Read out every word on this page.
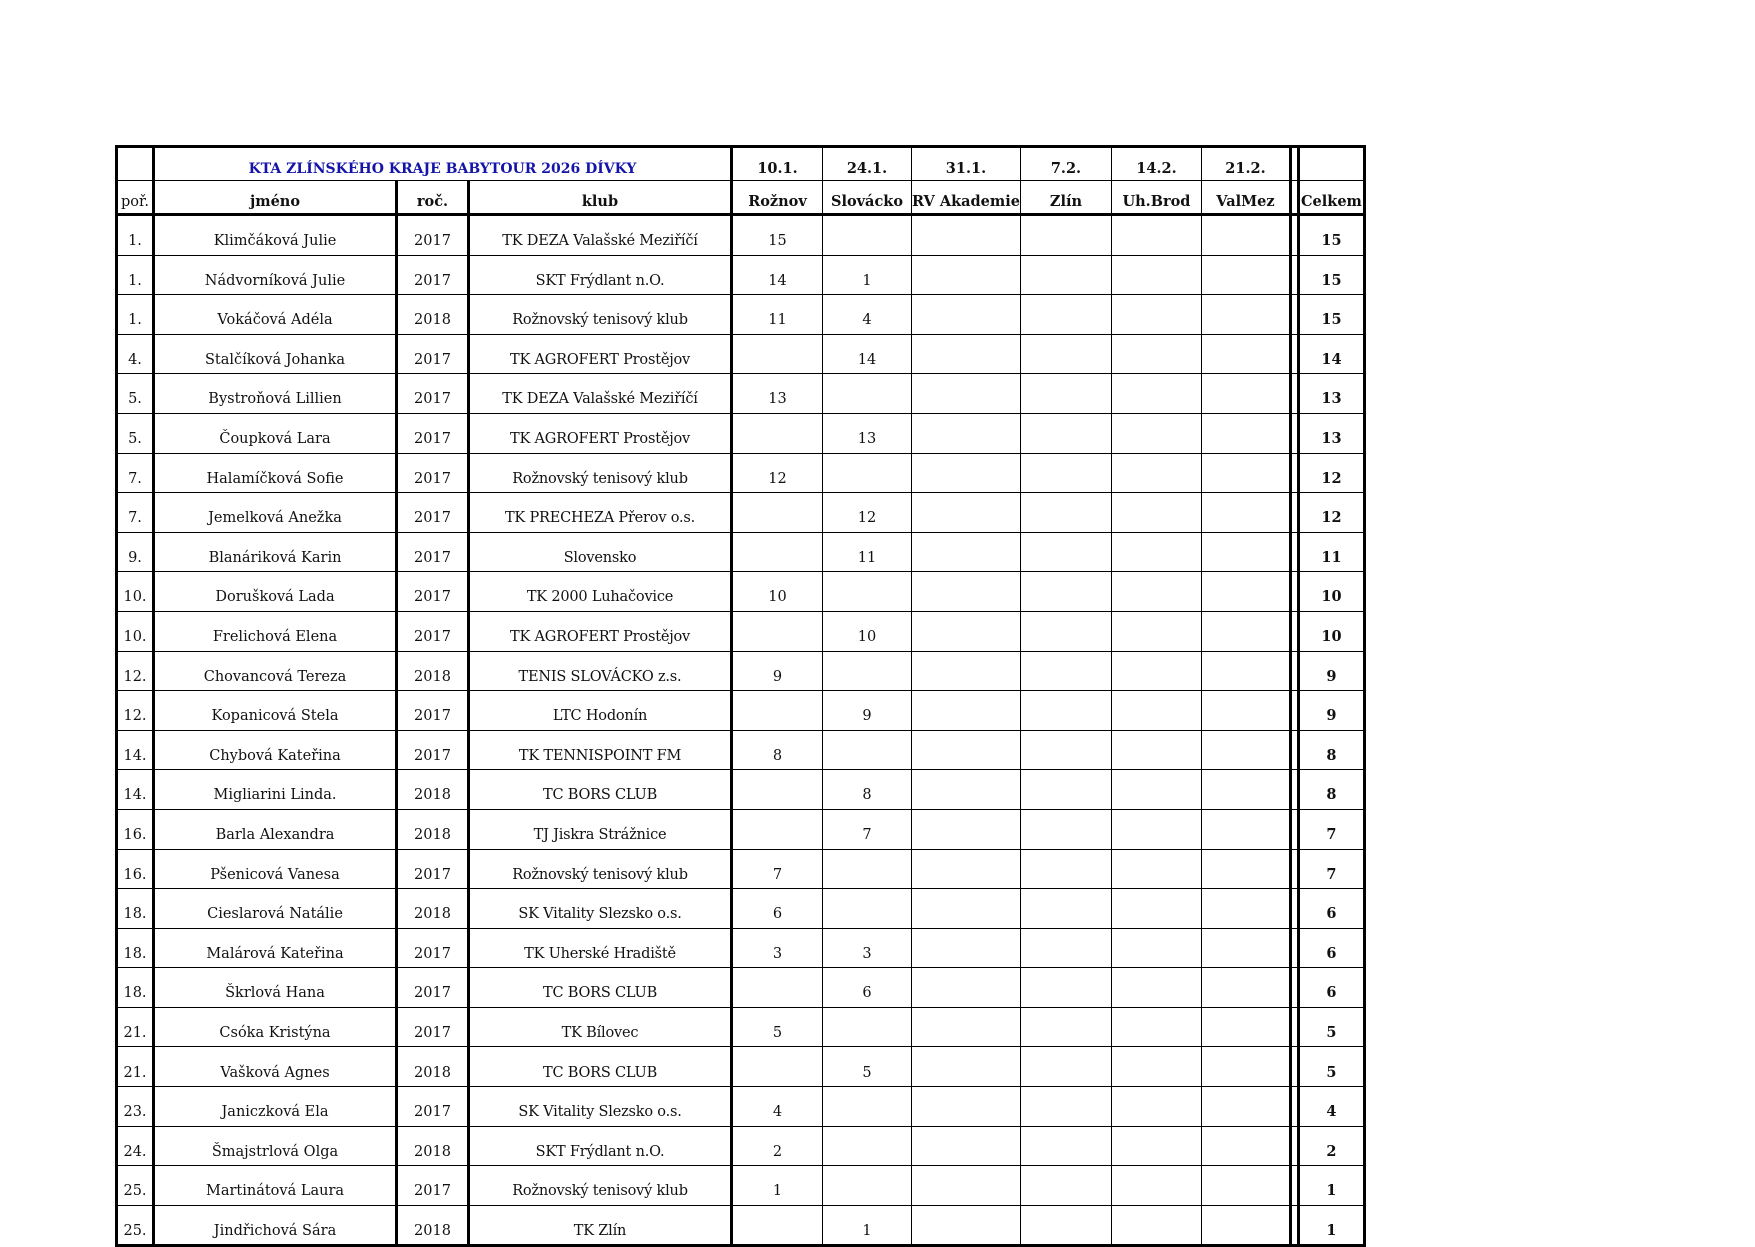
	KTA ZLÍNSKÉHO KRAJE BABYTOUR 2026 DÍVKY			10.1.	24.1.	31.1.	7.2.	14.2.	21.2.		
poř.	jméno	roč.	klub	Rožnov	Slovácko	RV Akademie	Zlín	Uh.Brod	ValMez		Celkem
1.	Klimčáková Julie	2017	TK DEZA Valašské Meziříčí	15							15
1.	Nádvorníková Julie	2017	SKT Frýdlant n.O.	14	1						15
1.	Vokáčová Adéla	2018	Rožnovský tenisový klub	11	4						15
4.	Stalčíková Johanka	2017	TK AGROFERT Prostějov		14						14
5.	Bystroňová Lillien	2017	TK DEZA Valašské Meziříčí	13							13
5.	Čoupková Lara	2017	TK AGROFERT Prostějov		13						13
7.	Halamíčková Sofie	2017	Rožnovský tenisový klub	12							12
7.	Jemelková Anežka	2017	TK PRECHEZA Přerov o.s.		12						12
9.	Blanáriková Karin	2017	Slovensko		11						11
10.	Dorušková Lada	2017	TK 2000 Luhačovice	10							10
10.	Frelichová Elena	2017	TK AGROFERT Prostějov		10						10
12.	Chovancová Tereza	2018	TENIS SLOVÁCKO z.s.	9							9
12.	Kopanicová Stela	2017	LTC Hodonín		9						9
14.	Chybová Kateřina	2017	TK TENNISPOINT FM	8							8
14.	Migliarini Linda.	2018	TC BORS CLUB		8						8
16.	Barla Alexandra	2018	TJ Jiskra Strážnice		7						7
16.	Pšenicová Vanesa	2017	Rožnovský tenisový klub	7							7
18.	Cieslarová Natálie	2018	SK Vitality Slezsko o.s.	6							6
18.	Malárová Kateřina	2017	TK Uherské Hradiště	3	3						6
18.	Škrlová Hana	2017	TC BORS CLUB		6						6
21.	Csóka Kristýna	2017	TK Bílovec	5							5
21.	Vašková Agnes	2018	TC BORS CLUB		5						5
23.	Janiczková Ela	2017	SK Vitality Slezsko o.s.	4							4
24.	Šmajstrlová Olga	2018	SKT Frýdlant n.O.	2							2
25.	Martinátová Laura	2017	Rožnovský tenisový klub	1							1
25.	Jindřichová Sára	2018	TK Zlín		1						1
